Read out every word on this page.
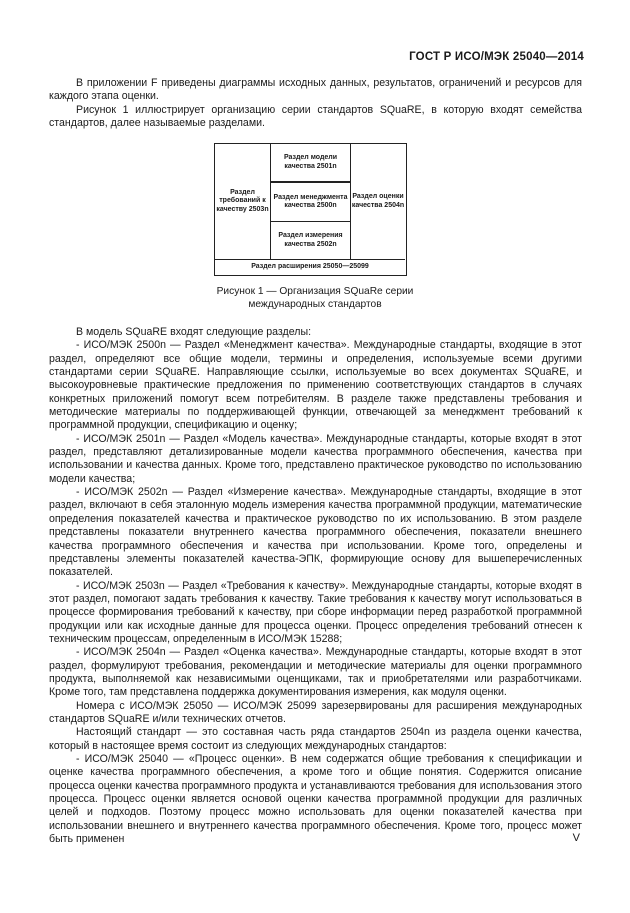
ГОСТ Р ИСО/МЭК 25040—2014

В приложении F приведены диаграммы исходных данных, результатов, ограничений и ресурсов для каждого этапа оценки.

Рисунок 1 иллюстрирует организацию серии стандартов SQuaRE, в которую входят семейства стандартов, далее называемые разделами.

Раздел требований к качеству 2503n
Раздел модели качества 2501n
Раздел менеджмента качества 2500n
Раздел измерения качества 2502n
Раздел оценки качества 2504n
Раздел расширения 25050—25099
Рисунок 1 — Организация SQuaRe серии
международных стандартов

В модель SQuaRE входят следующие разделы:

- ИСО/МЭК 2500n — Раздел «Менеджмент качества». Международные стандарты, входящие в этот раздел, определяют все общие модели, термины и определения, используемые всеми другими стандартами серии SQuaRE. Направляющие ссылки, используемые во всех документах SQuaRE, и высокоуровневые практические предложения по применению соответствующих стандартов в случаях конкретных приложений помогут всем потребителям. В разделе также представлены требования и методические материалы по поддерживающей функции, отвечающей за менеджмент требований к программной продукции, спецификацию и оценку;

- ИСО/МЭК 2501n — Раздел «Модель качества». Международные стандарты, которые входят в этот раздел, представляют детализированные модели качества программного обеспечения, качества при использовании и качества данных. Кроме того, представлено практическое руководство по использованию модели качества;

- ИСО/МЭК 2502n — Раздел «Измерение качества». Международные стандарты, входящие в этот раздел, включают в себя эталонную модель измерения качества программной продукции, математические определения показателей качества и практическое руководство по их использованию. В этом разделе представлены показатели внутреннего качества программного обеспечения, показатели внешнего качества программного обеспечения и качества при использовании. Кроме того, определены и представлены элементы показателей качества-ЭПК, формирующие основу для вышеперечисленных показателей.

- ИСО/МЭК 2503n — Раздел «Требования к качеству». Международные стандарты, которые входят в этот раздел, помогают задать требования к качеству. Такие требования к качеству могут использоваться в процессе формирования требований к качеству, при сборе информации перед разработкой программной продукции или как исходные данные для процесса оценки. Процесс определения требований отнесен к техническим процессам, определенным в ИСО/МЭК 15288;

- ИСО/МЭК 2504n — Раздел «Оценка качества». Международные стандарты, которые входят в этот раздел, формулируют требования, рекомендации и методические материалы для оценки программного продукта, выполняемой как независимыми оценщиками, так и приобретателями или разработчиками. Кроме того, там представлена поддержка документирования измерения, как модуля оценки.

Номера с ИСО/МЭК 25050 — ИСО/МЭК 25099 зарезервированы для расширения международных стандартов SQuaRE и/или технических отчетов.

Настоящий стандарт — это составная часть ряда стандартов 2504n из раздела оценки качества, который в настоящее время состоит из следующих международных стандартов:

- ИСО/МЭК 25040 — «Процесс оценки». В нем содержатся общие требования к спецификации и оценке качества программного обеспечения, а кроме того и общие понятия. Содержится описание процесса оценки качества программного продукта и устанавливаются требования для использования этого процесса. Процесс оценки является основой оценки качества программной продукции для различных целей и подходов. Поэтому процесс можно использовать для оценки показателей качества при использовании внешнего и внутреннего качества программного обеспечения. Кроме того, процесс может быть применен	V
